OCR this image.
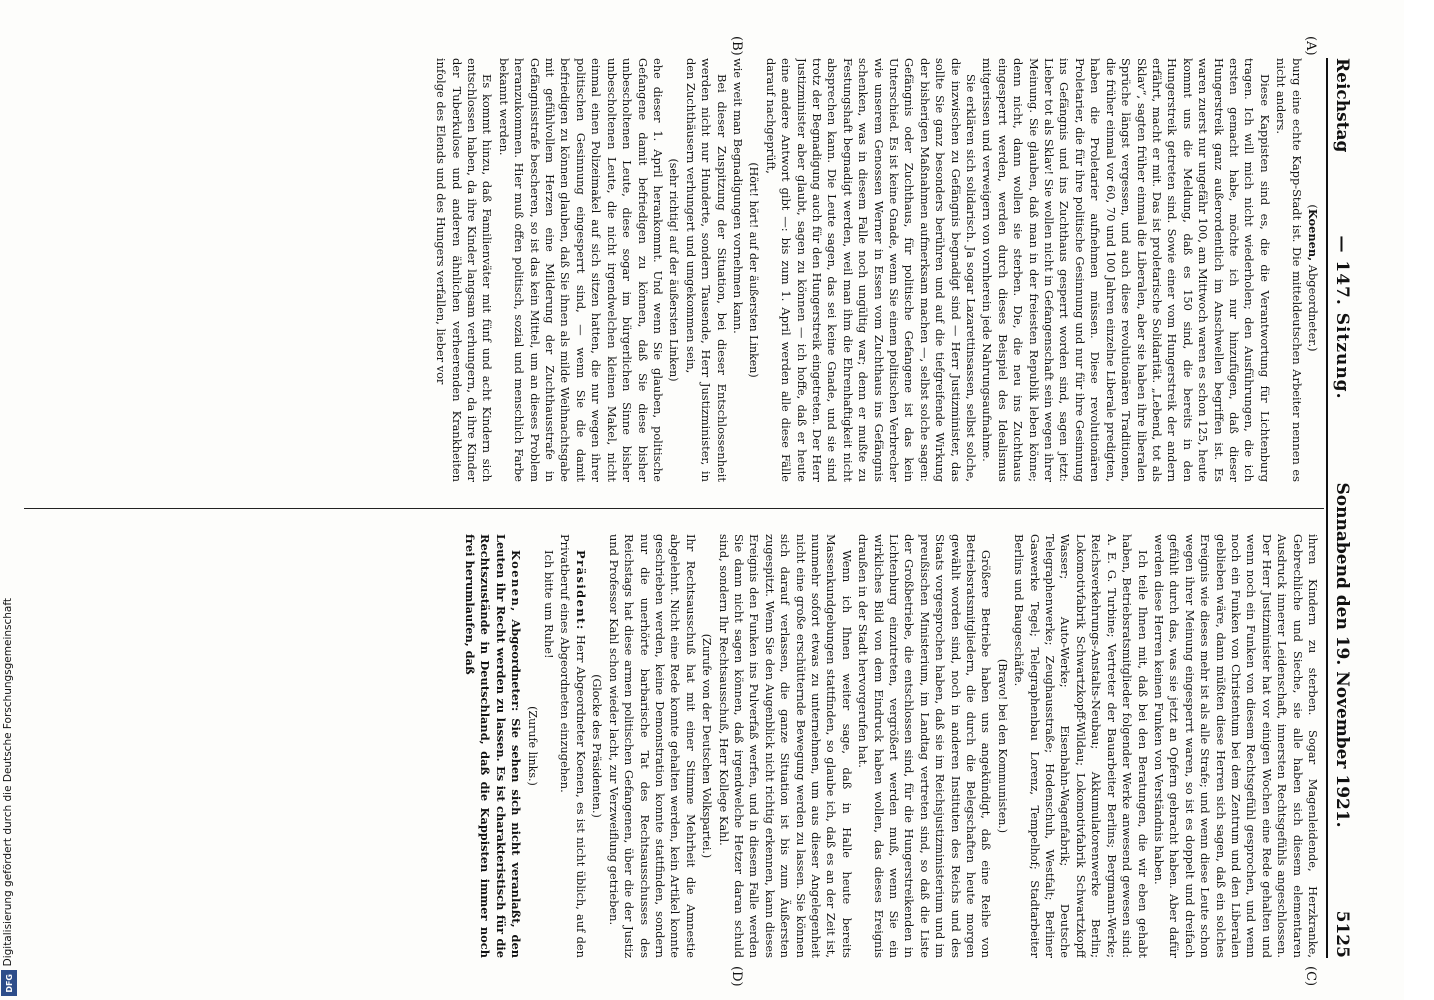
Reichstag
— 147. Sitzung.
Sonnabend den 19. November 1921.
5125
(A)
(B)
(C)
(D)

(Koenen, Abgeordneter.)

burg eine echte Kapp-Stadt ist. Die mitteldeutschen Arbeiter nennen es nicht anders.

Diese Kappisten sind es, die die Verantwortung für Lichtenburg tragen. Ich will mich nicht wiederholen; den Ausführungen, die ich ersten gemacht habe, möchte ich nur hinzufügen, daß dieser Hungerstreik ganz außerordentlich im Anschwellen begriffen ist. Es waren zuerst nur ungefähr 100, am Mittwoch waren es schon 125, heute kommt uns die Meldung, daß es 150 sind, die bereits in den Hungerstreik getreten sind. Sowie einer vom Hungerstreik der andern erfährt, macht er mit. Das ist proletarische Solidarität. „Lebend, tot als Sklav“, sagten früher einmal die Liberalen, aber sie haben ihre liberalen Sprüche längst vergessen, und auch diese revolutionären Traditionen, die früher einmal vor 60, 70 und 100 Jahren einzelne Liberale predigten, haben die Proletarier aufnehmen müssen. Diese revolutionären Proletarier, die für ihre politische Gesinnung und nur für ihre Gesinnung ins Gefängnis und ins Zuchthaus gesperrt worden sind, sagen jetzt: Lieber tot als Sklav! Sie wollen nicht in Gefangenschaft sein wegen ihrer Meinung. Sie glauben, daß man in der freiesten Republik leben könne; denn nicht, dann wollen sie sterben. Die, die neu ins Zuchthaus eingesperrt werden, werden durch dieses Beispiel des Idealismus mitgerissen und verweigern von vornherein jede Nahrungsaufnahme.

Sie erklären sich solidarisch. Ja sogar Lazarettinsassen, selbst solche, die inzwischen zu Gefängnis begnadigt sind — Herr Justizminister, das sollte Sie ganz besonders berühren und auf die tiefgreifende Wirkung der bisherigen Maßnahmen aufmerksam machen —, selbst solche sagen: Gefängnis oder Zuchthaus, für politische Gefangene ist das kein Unterschied. Es ist keine Gnade, wenn Sie einem politischen Verbrecher wie unserem Genossen Werner in Essen vom Zuchthaus ins Gefängnis schenken, was in diesem Falle noch ungültig war; denn er mußte zu Festungshaft begnadigt werden, weil man ihm die Ehrenhaftigkeit nicht absprechen kann. Die Leute sagen, das sei keine Gnade, und sie sind trotz der Begnadigung auch für den Hungerstreik eingetreten. Der Herr Justizminister aber glaubt, sagen zu können — ich hoffe, daß er heute eine andere Antwort gibt —: bis zum 1. April werden alle diese Fälle darauf nachgeprüft,

(Hört! hört! auf der äußersten Linken)

wie weit man Begnadigungen vornehmen kann.

Bei dieser Zuspitzung der Situation, bei dieser Entschlossenheit werden nicht nur Hunderte, sondern Tausende, Herr Justizminister, in den Zuchthäusern verhungert und umgekommen sein,

(sehr richtig! auf der äußersten Linken)

ehe dieser 1. April herankommt. Und wenn Sie glauben, politische Gefangene damit befriedigen zu können, daß Sie diese bisher unbescholtenen Leute, diese sogar im bürgerlichen Sinne bisher unbescholtenen Leute, die nicht irgendwelchen kleinen Makel, nicht einmal einen Polizeimakel auf sich sitzen hatten, die nur wegen ihrer politischen Gesinnung eingesperrt sind, — wenn Sie die damit befriedigen zu können glauben, daß Sie ihnen als milde Weihnachtsgabe mit gefühlvollem Herzen eine Milderung der Zuchthausstrafe in Gefängnisstrafe bescheren, so ist das kein Mittel, um an dieses Problem heranzukommen. Hier muß offen politisch, sozial und menschlich Farbe bekannt werden.

Es kommt hinzu, daß Familienväter mit fünf und acht Kindern sich entschlossen haben, da ihre Kinder langsam verhungern, da ihre Kinder der Tuberkulose und anderen ähnlichen verheerenden Krankheiten infolge des Elends und des Hungers verfallen, lieber vor

ihren Kindern zu sterben. Sogar Magenleidende, Herzkranke, Gebrechliche und Sieche, sie alle haben sich diesem elementaren Ausdruck innerer Leidenschaft, innersten Rechtsgefühls angeschlossen. Der Herr Justizminister hat vor einigen Wochen eine Rede gehalten und wenn noch ein Funken von diesem Rechtsgefühl gesprochen, und wenn noch ein Funken von Christentum bei dem Zentrum und den Liberalen geblieben wäre, dann müßten diese Herren sich sagen, daß ein solches Ereignis wie dieses mehr ist als alle Strafe; und wenn diese Leute schon wegen ihrer Meinung eingesperrt waren, so ist es doppelt und dreifach gefühlt durch das, was sie jetzt an Opfern gebracht haben. Aber dafür werden diese Herren keinen Funken von Verständnis haben.

Ich teile Ihnen mit, daß bei den Beratungen, die wir eben gehabt haben, Betriebsratsmitglieder folgender Werke anwesend gewesen sind: A. E. G. Turbine; Vertreter der Bauarbeiter Berlins; Bergmann-Werke; Reichsverkehrungs-Anstalts-Neubau; Akkumulatorenwerke Berlin; Lokomotivfabrik Schwartzkopff-Wildau; Lokomotivfabrik Schwartzkopff Wasser; Auto-Werke; Eisenbahn-Wagenfabrik; Deutsche Telegraphenwerke; Zeughausstraße; Hodenschuh, Westfalt; Berliner Gaswerke Tegel; Telegraphenbau Lorenz, Tempelhof; Stadtarbeiter Berlins und Baugeschäfte.

(Bravo! bei den Kommunisten.)

Größere Betriebe haben uns angekündigt, daß eine Reihe von Betriebsratsmitgliedern, die durch die Belegschaften heute morgen gewählt worden sind, noch in anderen Instituten des Reichs und des Staats vorgesprochen haben, daß sie im Reichsjustizministerium und im preußischen Ministerium, im Landtag vertreten sind, so daß die Liste der Großbetriebe, die entschlossen sind, für die Hungerstreikenden in Lichtenburg einzutreten, vergrößert werden muß, wenn Sie ein wirkliches Bild von dem Eindruck haben wollen, das dieses Ereignis draußen in der Stadt hervorgerufen hat.

Wenn ich Ihnen weiter sage, daß in Halle heute bereits Massenkundgebungen stattfinden, so glaube ich, daß es an der Zeit ist, nunmehr sofort etwas zu unternehmen, um aus dieser Angelegenheit nicht eine große erschütternde Bewegung werden zu lassen. Sie können sich darauf verlassen, die ganze Situation ist bis zum Äußersten zugespitzt. Wenn Sie den Augenblick nicht richtig erkennen, kann dieses Ereignis den Funken ins Pulverfaß werfen, und in diesem Falle werden Sie dann nicht sagen können, daß irgendwelche Hetzer daran schuld sind, sondern Ihr Rechtsausschuß, Herr Kollege Kahl.

(Zurufe von der Deutschen Volkspartei.)

Ihr Rechtsausschuß hat mit einer Stimme Mehrheit die Amnestie abgelehnt. Nicht eine Rede konnte gehalten werden, kein Artikel konnte geschrieben werden, keine Demonstration konnte stattfinden, sondern nur die unerhörte barbarische Tat des Rechtsausschusses des Reichstags hat diese armen politischen Gefangenen, über die der Justiz und Professor Kahl schon wieder lacht, zur Verzweiflung getrieben.

(Glocke des Präsidenten.)

Präsident: Herr Abgeordneter Koenen, es ist nicht üblich, auf den Privatberuf eines Abgeordneten einzugehen.

Ich bitte um Ruhe!

(Zurufe links.)

Koenen, Abgeordneter: Sie sehen sich nicht veranlaßt, den Leuten ihr Recht werden zu lassen. Es ist charakteristisch für die Rechtszustände in Deutschland, daß die Kappisten immer noch frei herumlaufen, daß

Digitalisierung gefördert durch die Deutsche Forschungsgemeinschaft
DFG
